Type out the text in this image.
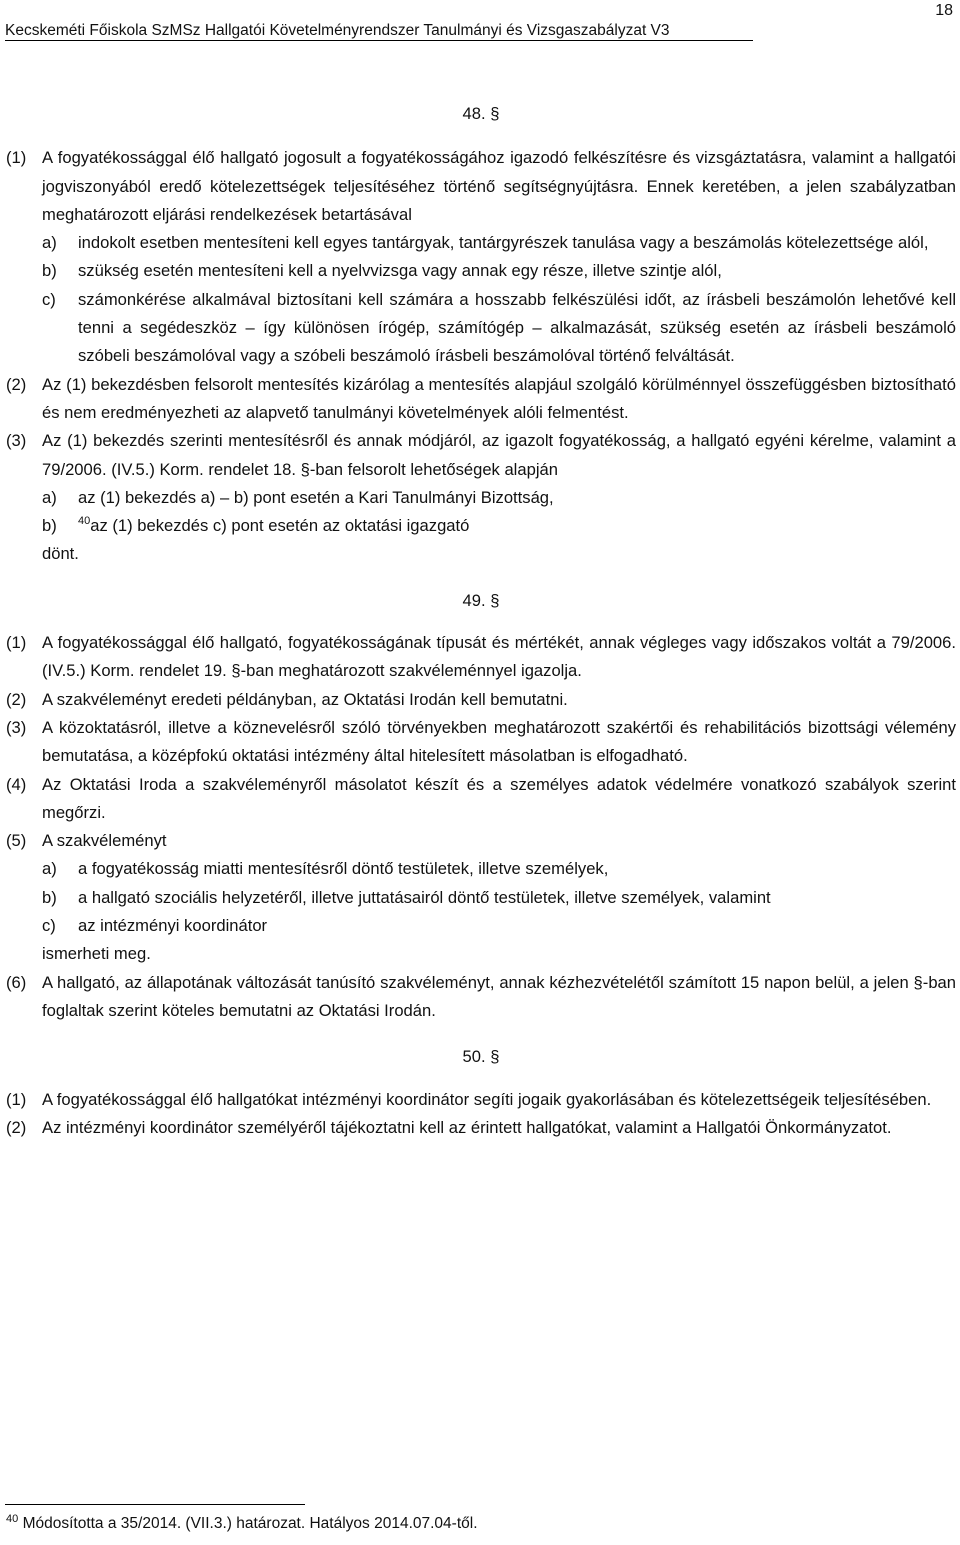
18
Kecskeméti Főiskola SzMSz Hallgatói Követelményrendszer Tanulmányi és Vizsgaszabályzat V3

48. §

(1) A fogyatékossággal élő hallgató jogosult a fogyatékosságához igazodó felkészítésre és vizsgáztatásra, valamint a hallgatói jogviszonyából eredő kötelezettségek teljesítéséhez történő segítségnyújtásra. Ennek keretében, a jelen szabályzatban meghatározott eljárási rendelkezések betartásával
a)	indokolt esetben mentesíteni kell egyes tantárgyak, tantárgyrészek tanulása vagy a beszámolás kötelezettsége alól,
b)	szükség esetén mentesíteni kell a nyelvvizsga vagy annak egy része, illetve szintje alól,
c)	számonkérése alkalmával biztosítani kell számára a hosszabb felkészülési időt, az írásbeli beszámolón lehetővé kell tenni a segédeszköz – így különösen írógép, számítógép – alkalmazását, szükség esetén az írásbeli beszámoló szóbeli beszámolóval vagy a szóbeli beszámoló írásbeli beszámolóval történő felváltását.
(2) Az (1) bekezdésben felsorolt mentesítés kizárólag a mentesítés alapjául szolgáló körülménnyel összefüggésben biztosítható és nem eredményezheti az alapvető tanulmányi követelmények alóli felmentést.
(3) Az (1) bekezdés szerinti mentesítésről és annak módjáról, az igazolt fogyatékosság, a hallgató egyéni kérelme, valamint a 79/2006. (IV.5.) Korm. rendelet 18. §-ban felsorolt lehetőségek alapján
a)	az (1) bekezdés a) – b) pont esetén a Kari Tanulmányi Bizottság,
b)	$^{40}$az (1) bekezdés c) pont esetén az oktatási igazgató

dönt.

49. §

(1) A fogyatékossággal élő hallgató, fogyatékosságának típusát és mértékét, annak végleges vagy időszakos voltát a 79/2006. (IV.5.) Korm. rendelet 19. §-ban meghatározott szakvéleménnyel igazolja.
(2) A szakvéleményt eredeti példányban, az Oktatási Irodán kell bemutatni.
(3) A közoktatásról, illetve a köznevelésről szóló törvényekben meghatározott szakértői és rehabilitációs bizottsági vélemény bemutatása, a középfokú oktatási intézmény által hitelesített másolatban is elfogadható.
(4) Az Oktatási Iroda a szakvéleményről másolatot készít és a személyes adatok védelmére vonatkozó szabályok szerint megőrzi.
(5) A szakvéleményt
a)	a fogyatékosság miatti mentesítésről döntő testületek, illetve személyek,
b)	a hallgató szociális helyzetéről, illetve juttatásairól döntő testületek, illetve személyek, valamint
c)	az intézményi koordinátor

ismerheti meg.

(6) A hallgató, az állapotának változását tanúsító szakvéleményt, annak kézhezvételétől számított 15 napon belül, a jelen §-ban foglaltak szerint köteles bemutatni az Oktatási Irodán.

50. §

(1) A fogyatékossággal élő hallgatókat intézményi koordinátor segíti jogaik gyakorlásában és kötelezettségeik teljesítésében.
(2) Az intézményi koordinátor személyéről tájékoztatni kell az érintett hallgatókat, valamint a Hallgatói Önkormányzatot.
$^{40}$ Módosította a 35/2014. (VII.3.) határozat. Hatályos 2014.07.04-től.
